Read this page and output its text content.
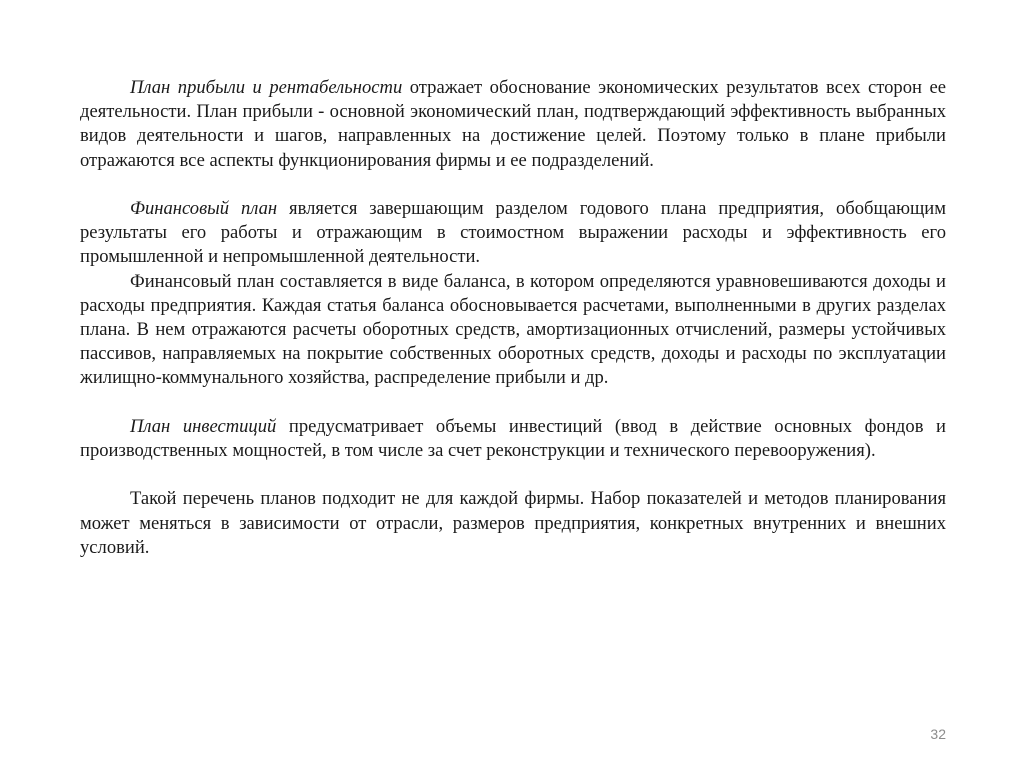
План прибыли и рентабельности отражает обоснование экономических результатов всех сторон ее деятельности. План прибыли - основной экономический план, подтверждающий эффективность выбранных видов деятельности и шагов, направленных на достижение целей. Поэтому только в плане прибыли отражаются все аспекты функционирования фирмы и ее подразделений.

Финансовый план является завершающим разделом годового плана предприятия, обобщающим результаты его работы и отражающим в стоимостном выражении расходы и эффективность его промышленной и непромышленной деятельности.

Финансовый план составляется в виде баланса, в котором определяются уравновешиваются доходы и расходы предприятия. Каждая статья баланса обосновывается расчетами, выполненными в других разделах плана. В нем отражаются расчеты оборотных средств, амортизационных отчислений, размеры устойчивых пассивов, направляемых на покрытие собственных оборотных средств, доходы и расходы по эксплуатации жилищно-коммунального хозяйства, распределение прибыли и др.

План инвестиций предусматривает объемы инвестиций (ввод в действие основных фондов и производственных мощностей, в том числе за счет реконструкции и технического перевооружения).

Такой перечень планов подходит не для каждой фирмы. Набор показателей и методов планирования может меняться в зависимости от отрасли, размеров предприятия, конкретных внутренних и внешних условий.

32
